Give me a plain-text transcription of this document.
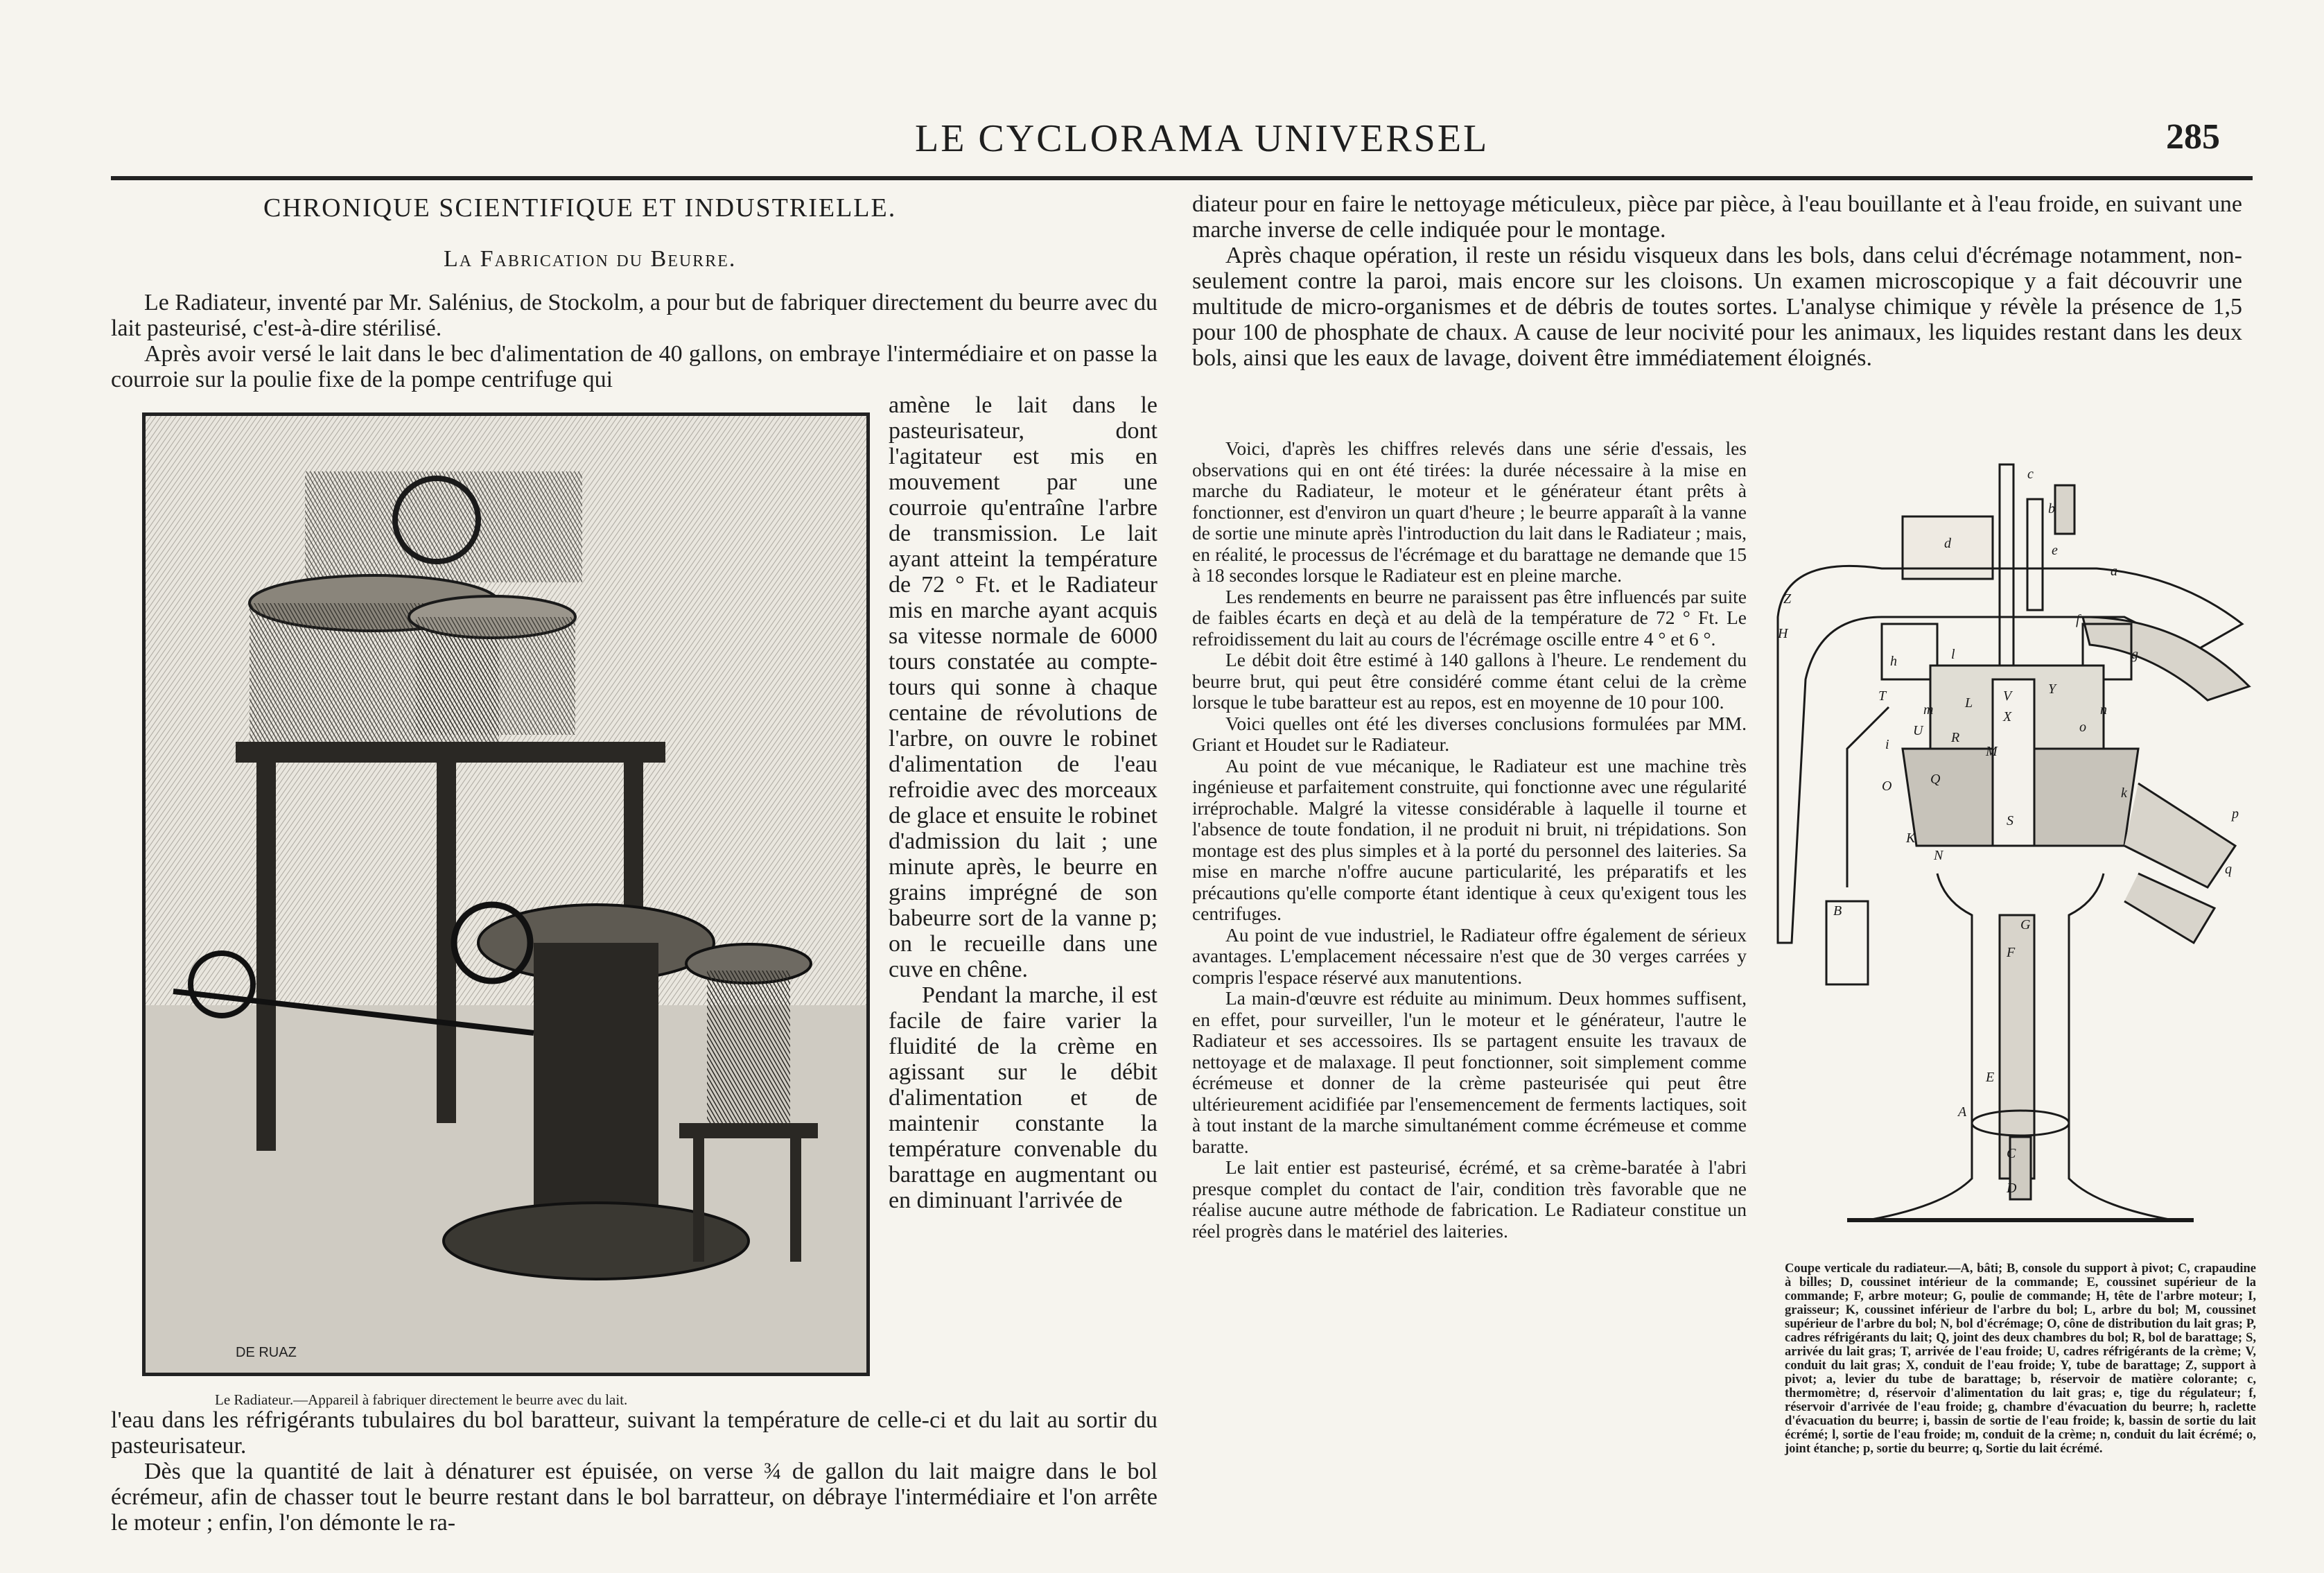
LE CYCLORAMA UNIVERSEL	285
CHRONIQUE SCIENTIFIQUE ET INDUSTRIELLE.
La Fabrication du Beurre.

Le Radiateur, inventé par Mr. Salénius, de Stockolm, a pour but de fabriquer directement du beurre avec du lait pasteurisé, c'est-à-dire stérilisé.

Après avoir versé le lait dans le bec d'alimentation de 40 gallons, on embraye l'intermédiaire et on passe la courroie sur la poulie fixe de la pompe centrifuge qui

DE RUAZ

amène le lait dans le pasteurisateur, dont l'agitateur est mis en mouvement par une courroie qu'entraîne l'arbre de transmission. Le lait ayant atteint la température de 72 ° Ft. et le Radiateur mis en marche ayant acquis sa vitesse normale de 6000 tours constatée au compte-tours qui sonne à chaque centaine de révolutions de l'arbre, on ouvre le robinet d'alimentation de l'eau refroidie avec des morceaux de glace et ensuite le robinet d'admission du lait ; une minute après, le beurre en grains imprégné de son babeurre sort de la vanne p; on le recueille dans une cuve en chêne.

Pendant la marche, il est facile de faire varier la fluidité de la crème en agissant sur le débit d'alimentation et de maintenir constante la température convenable du barattage en augmentant ou en diminuant l'arrivée de

Le Radiateur.—Appareil à fabriquer directement le beurre avec du lait.

l'eau dans les réfrigérants tubulaires du bol baratteur, suivant la température de celle-ci et du lait au sortir du pasteurisateur.

Dès que la quantité de lait à dénaturer est épuisée, on verse ¾ de gallon du lait maigre dans le bol écrémeur, afin de chasser tout le beurre restant dans le bol barratteur, on débraye l'intermédiaire et l'on arrête le moteur ; enfin, l'on démonte le ra-

diateur pour en faire le nettoyage méticuleux, pièce par pièce, à l'eau bouillante et à l'eau froide, en suivant une marche inverse de celle indiquée pour le montage.

Après chaque opération, il reste un résidu visqueux dans les bols, dans celui d'écrémage notamment, non-seulement contre la paroi, mais encore sur les cloisons. Un examen microscopique y a fait découvrir une multitude de micro-organismes et de débris de toutes sortes. L'analyse chimique y révèle la présence de 1,5 pour 100 de phosphate de chaux. A cause de leur nocivité pour les animaux, les liquides restant dans les deux bols, ainsi que les eaux de lavage, doivent être immédiatement éloignés.

Voici, d'après les chiffres relevés dans une série d'essais, les observations qui en ont été tirées: la durée nécessaire à la mise en marche du Radiateur, le moteur et le générateur étant prêts à fonctionner, est d'environ un quart d'heure ; le beurre apparaît à la vanne de sortie une minute après l'introduction du lait dans le Radiateur ; mais, en réalité, le processus de l'écrémage et du barattage ne demande que 15 à 18 secondes lorsque le Radiateur est en pleine marche.

Les rendements en beurre ne paraissent pas être influencés par suite de faibles écarts en deçà et au delà de la température de 72 ° Ft. Le refroidissement du lait au cours de l'écrémage oscille entre 4 ° et 6 °.

Le débit doit être estimé à 140 gallons à l'heure. Le rendement du beurre brut, qui peut être considéré comme étant celui de la crème lorsque le tube baratteur est au repos, est en moyenne de 10 pour 100.

Voici quelles ont été les diverses conclusions formulées par MM. Griant et Houdet sur le Radiateur.

Au point de vue mécanique, le Radiateur est une machine très ingénieuse et parfaitement construite, qui fonctionne avec une régularité irréprochable. Malgré la vitesse considérable à laquelle il tourne et l'absence de toute fondation, il ne produit ni bruit, ni trépidations. Son montage est des plus simples et à la porté du personnel des laiteries. Sa mise en marche n'offre aucune particularité, les préparatifs et les précautions qu'elle comporte étant identique à ceux qu'exigent tous les centrifuges.

Au point de vue industriel, le Radiateur offre également de sérieux avantages. L'emplacement nécessaire n'est que de 30 verges carrées y compris l'espace réservé aux manutentions.

La main-d'œuvre est réduite au minimum. Deux hommes suffisent, en effet, pour surveiller, l'un le moteur et le générateur, l'autre le Radiateur et ses accessoires. Ils se partagent ensuite les travaux de nettoyage et de malaxage. Il peut fonctionner, soit simplement comme écrémeuse et donner de la crème pasteurisée qui peut être ultérieurement acidifiée par l'ensemencement de ferments lactiques, soit à tout instant de la marche simultanément comme écrémeuse et comme baratte.

Le lait entier est pasteurisé, écrémé, et sa crème-baratée à l'abri presque complet du contact de l'air, condition très favorable que ne réalise aucune autre méthode de fabrication. Le Radiateur constitue un réel progrès dans le matériel des laiteries.

c
b
a
d	e
f
g
h
i
k
l
m	n
o
p
q
A
B
C
D
E
F
G
H
K
L
M
N
O	Q
R
S
T
U
V
X
Y
Z
Coupe verticale du radiateur.—A, bâti; B, console du support à pivot; C, crapaudine à billes; D, coussinet intérieur de la commande; E, coussinet supérieur de la commande; F, arbre moteur; G, poulie de commande; H, tête de l'arbre moteur; I, graisseur; K, coussinet inférieur de l'arbre du bol; L, arbre du bol; M, coussinet supérieur de l'arbre du bol; N, bol d'écrémage; O, cône de distribution du lait gras; P, cadres réfrigérants du lait; Q, joint des deux chambres du bol; R, bol de barattage; S, arrivée du lait gras; T, arrivée de l'eau froide; U, cadres réfrigérants de la crème; V, conduit du lait gras; X, conduit de l'eau froide; Y, tube de barattage; Z, support à pivot; a, levier du tube de barattage; b, réservoir de matière colorante; c, thermomètre; d, réservoir d'alimentation du lait gras; e, tige du régulateur; f, réservoir d'arrivée de l'eau froide; g, chambre d'évacuation du beurre; h, raclette d'évacuation du beurre; i, bassin de sortie de l'eau froide; k, bassin de sortie du lait écrémé; l, sortie de l'eau froide; m, conduit de la crème; n, conduit du lait écrémé; o, joint étanche; p, sortie du beurre; q, Sortie du lait écrémé.
